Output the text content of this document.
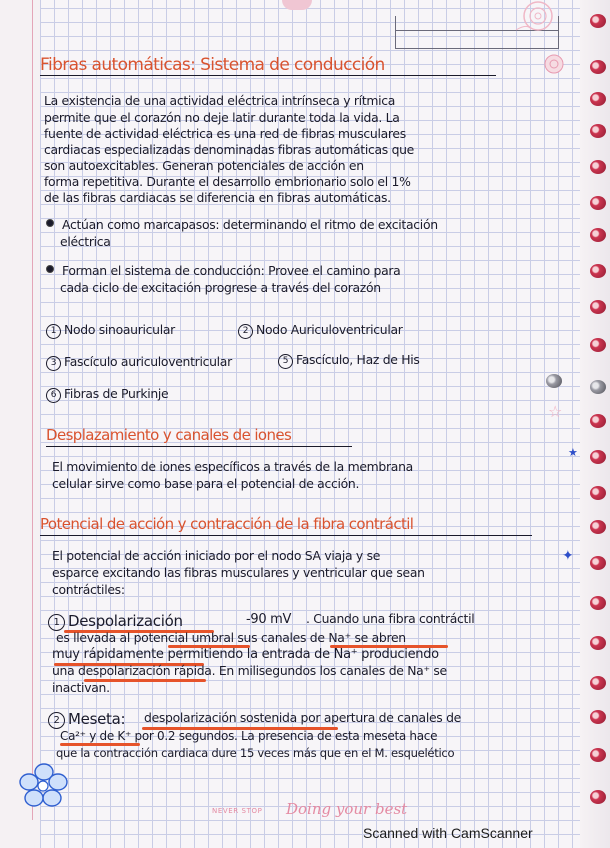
☆
★
✦
Fibras automáticas: Sistema de conducción
La existencia de una actividad eléctrica intrínseca y rítmica
permite que el corazón no deje latir durante toda la vida. La
fuente de actividad eléctrica es una red de fibras musculares
cardiacas especializadas denominadas fibras automáticas que
son autoexcitables. Generan potenciales de acción en
forma repetitiva. Durante el desarrollo embrionario solo el 1%
de las fibras cardiacas se diferencia en fibras automáticas.
Actúan como marcapasos: determinando el ritmo de excitación
eléctrica
Forman el sistema de conducción: Provee el camino para
cada ciclo de excitación progrese a través del corazón
1 Nodo sinoauricular	2 Nodo Auriculoventricular
3 Fascículo auriculoventricular	5 Fascículo, Haz de His
6 Fibras de Purkinje
Desplazamiento y canales de iones
El movimiento de iones específicos a través de la membrana
celular sirve como base para el potencial de acción.
Potencial de acción y contracción de la fibra contráctil
El potencial de acción iniciado por el nodo SA viaja y se
esparce excitando las fibras musculares y ventricular que sean
contráctiles:
1 Despolarización	-90 mV . Cuando una fibra contráctil
es llevada al potencial umbral sus canales de Na⁺ se abren
muy rápidamente permitiendo la entrada de Na⁺ produciendo
una despolarización rápida. En milisegundos los canales de Na⁺ se
inactivan.
2 Meseta: despolarización sostenida por apertura de canales de
Ca²⁺ y de K⁺ por 0.2 segundos. La presencia de esta meseta hace
que la contracción cardiaca dure 15 veces más que en el M. esquelético
NEVER STOP Doing your best
Scanned with CamScanner
